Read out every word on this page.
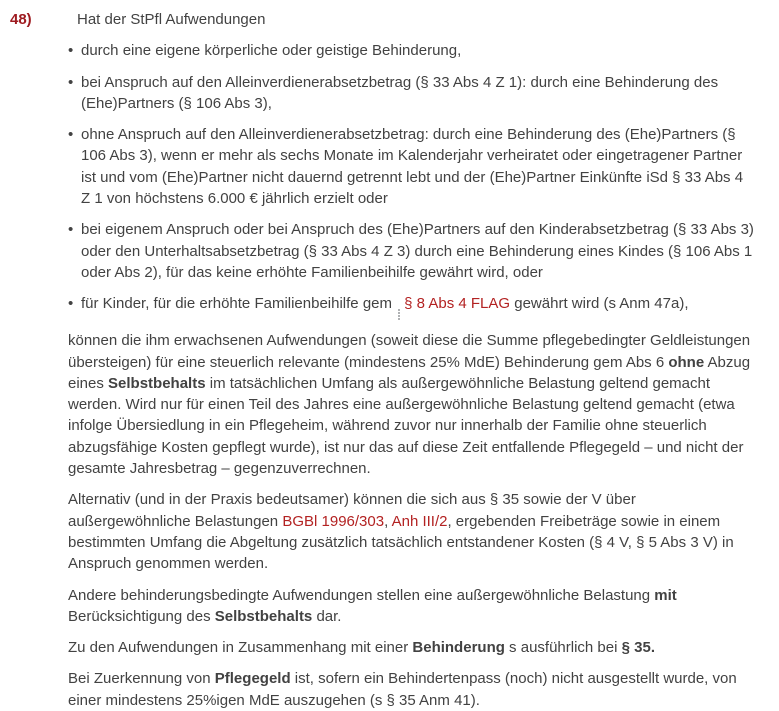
48)	Hat der StPfl Aufwendungen
• durch eine eigene körperliche oder geistige Behinderung,
• bei Anspruch auf den Alleinverdienerabsetzbetrag (§ 33 Abs 4 Z 1): durch eine Behinderung des (Ehe)Partners (§ 106 Abs 3),
• ohne Anspruch auf den Alleinverdienerabsetzbetrag: durch eine Behinderung des (Ehe)Partners (§ 106 Abs 3), wenn er mehr als sechs Monate im Kalenderjahr verheiratet oder eingetragener Partner ist und vom (Ehe)Partner nicht dauernd getrennt lebt und der (Ehe)Partner Einkünfte iSd § 33 Abs 4 Z 1 von höchstens 6.000 € jährlich erzielt oder
• bei eigenem Anspruch oder bei Anspruch des (Ehe)Partners auf den Kinderabsetzbetrag (§ 33 Abs 3) oder den Unterhaltsabsetzbetrag (§ 33 Abs 4 Z 3) durch eine Behinderung eines Kindes (§ 106 Abs 1 oder Abs 2), für das keine erhöhte Familienbeihilfe gewährt wird, oder
• für Kinder, für die erhöhte Familienbeihilfe gem
§ 8 Abs 4 FLAG gewährt wird (s Anm 47a),
können die ihm erwachsenen Aufwendungen (soweit diese die Summe pflegebedingter Geldleistungen übersteigen) für eine steuerlich relevante (mindestens 25% MdE) Behinderung gem Abs 6 ohne Abzug eines Selbstbehalts im tatsächlichen Umfang als außergewöhnliche Belastung geltend gemacht werden. Wird nur für einen Teil des Jahres eine außergewöhnliche Belastung geltend gemacht (etwa infolge Übersiedlung in ein Pflegeheim, während zuvor nur innerhalb der Familie ohne steuerlich abzugsfähige Kosten gepflegt wurde), ist nur das auf diese Zeit entfallende Pflegegeld – und nicht der gesamte Jahresbetrag – gegenzuverrechnen.
Alternativ (und in der Praxis bedeutsamer) können die sich aus § 35 sowie der V über außergewöhnliche Belastungen BGBl 1996/303, Anh III/2, ergebenden Freibeträge sowie in einem bestimmten Umfang die Abgeltung zusätzlich tatsächlich entstandener Kosten (§ 4 V, § 5 Abs 3 V) in Anspruch genommen werden.
Andere behinderungsbedingte Aufwendungen stellen eine außergewöhnliche Belastung mit Berücksichtigung des Selbstbehalts dar.
Zu den Aufwendungen in Zusammenhang mit einer Behinderung s ausführlich bei § 35.
Bei Zuerkennung von Pflegegeld ist, sofern ein Behindertenpass (noch) nicht ausgestellt wurde, von einer mindestens 25%igen MdE auszugehen (s § 35 Anm 41).
